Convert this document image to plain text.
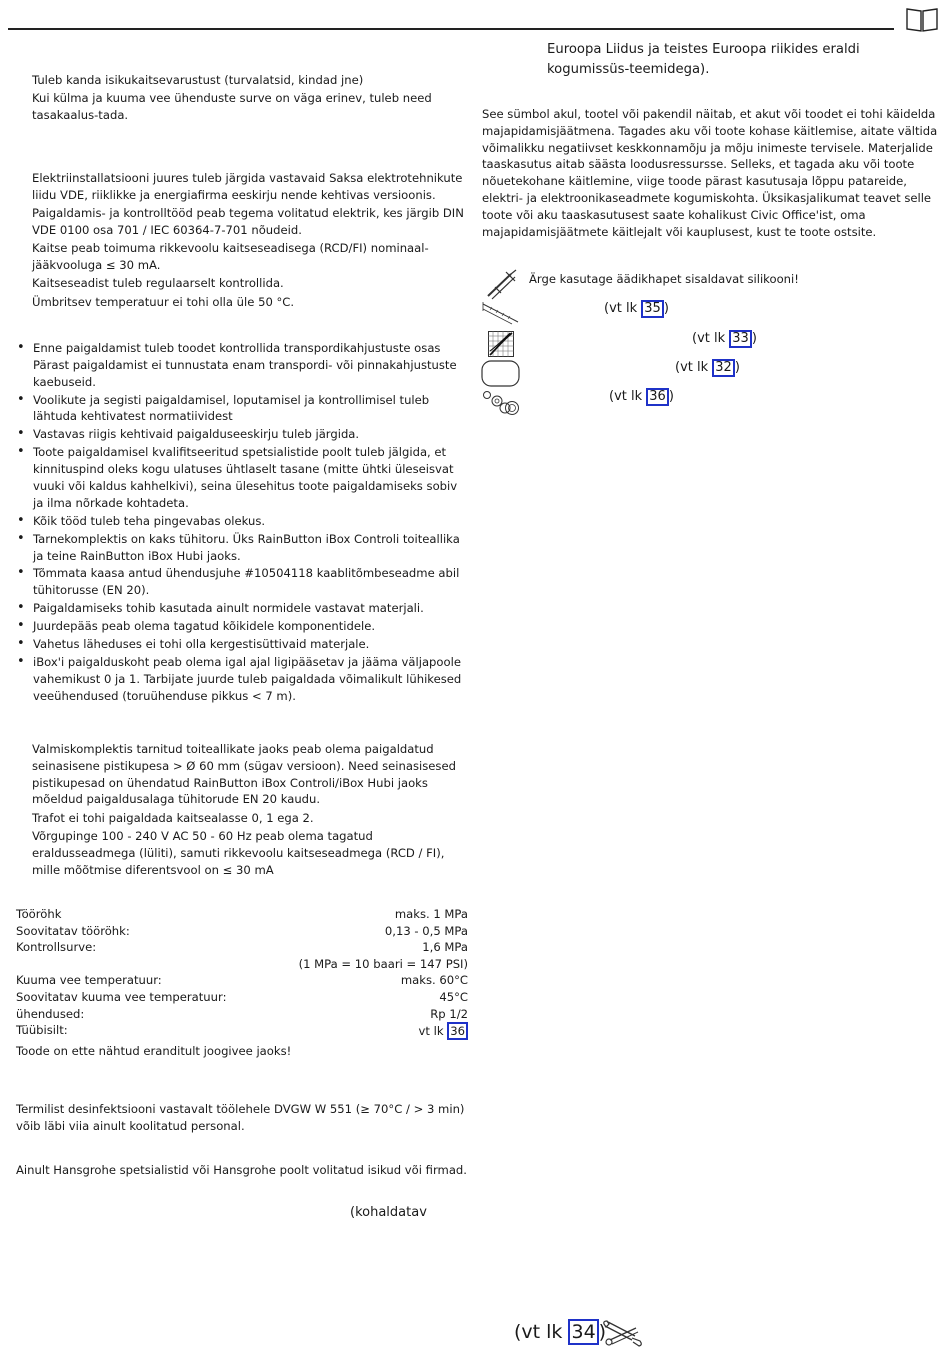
Tuleb kanda isikukaitsevarustust (turvalatsid, kindad jne)

Kui külma ja kuuma vee ühenduste surve on väga erinev, tuleb need tasakaalus-tada.

Elektriinstallatsiooni juures tuleb järgida vastavaid Saksa elektrotehnikute liidu VDE, riiklikke ja energiafirma eeskirju nende kehtivas versioonis.

Paigaldamis- ja kontrolltööd peab tegema volitatud elektrik, kes järgib DIN VDE 0100 osa 701 / IEC 60364-7-701 nõudeid.

Kaitse peab toimuma rikkevoolu kaitseseadisega (RCD/FI) nominaal-jääkvooluga ≤ 30 mA.

Kaitseseadist tuleb regulaarselt kontrollida.

Ümbritsev temperatuur ei tohi olla üle 50 °C.

• Enne paigaldamist tuleb toodet kontrollida transpordikahjustuste osas Pärast paigaldamist ei tunnustata enam transpordi- või pinnakahjustuste kaebuseid.
• Voolikute ja segisti paigaldamisel, loputamisel ja kontrollimisel tuleb lähtuda kehtivatest normatiividest
• Vastavas riigis kehtivaid paigalduseeskirju tuleb järgida.
• Toote paigaldamisel kvalifitseeritud spetsialistide poolt tuleb jälgida, et kinnituspind oleks kogu ulatuses ühtlaselt tasane (mitte ühtki üleseisvat vuuki või kaldus kahhelkivi), seina ülesehitus toote paigaldamiseks sobiv ja ilma nõrkade kohtadeta.
• Kõik tööd tuleb teha pingevabas olekus.
• Tarnekomplektis on kaks tühitoru. Üks RainButton iBox Controli toiteallika ja teine RainButton iBox Hubi jaoks.
• Tõmmata kaasa antud ühendusjuhe #10504118 kaablitõmbeseadme abil tühitorusse (EN 20).
• Paigaldamiseks tohib kasutada ainult normidele vastavat materjali.
• Juurdepääs peab olema tagatud kõikidele komponentidele.
• Vahetus läheduses ei tohi olla kergestisüttivaid materjale.
• iBox'i paigalduskoht peab olema igal ajal ligipääsetav ja jääma väljapoole vahemikust 0 ja 1. Tarbijate juurde tuleb paigaldada võimalikult lühikesed veeühendused (toruühenduse pikkus < 7 m).

Valmiskomplektis tarnitud toiteallikate jaoks peab olema paigaldatud seinasisene pistikupesa > Ø 60 mm (sügav versioon). Need seinasisesed pistikupesad on ühendatud RainButton iBox Controli/iBox Hubi jaoks mõeldud paigaldusalaga tühitorude EN 20 kaudu.

Trafot ei tohi paigaldada kaitsealasse 0, 1 ega 2.

Võrgupinge 100 - 240 V AC 50 - 60 Hz peab olema tagatud eraldusseadmega (lüliti), samuti rikkevoolu kaitseseadmega (RCD / FI), mille mõõtmise diferentsvool on ≤ 30 mA

Tööröhk	maks. 1 MPa
Soovitatav tööröhk:	0,13 - 0,5 MPa
Kontrollsurve:	1,6 MPa
(1 MPa = 10 baari = 147 PSI)
Kuuma vee temperatuur:	maks. 60°C
Soovitatav kuuma vee temperatuur:	45°C
ühendused:	Rp 1/2
Tüübisilt:	vt lk 36

Toode on ette nähtud eranditult joogivee jaoks!

Termilist desinfektsiooni vastavalt töölehele DVGW W 551 (≥ 70°C / > 3 min) võib läbi viia ainult koolitatud personal.
Ainult Hansgrohe spetsialistid või Hansgrohe poolt volitatud isikud või firmad.
(kohaldatav
Euroopa Liidus ja teistes Euroopa riikides eraldi kogumissüs-teemidega).
See sümbol akul, tootel või pakendil näitab, et akut või toodet ei tohi käidelda majapidamisjäätmena. Tagades aku või toote kohase käitlemise, aitate vältida võimalikku negatiivset keskkonnamõju ja mõju inimeste tervisele. Materjalide taaskasutus aitab säästa loodusressursse. Selleks, et tagada aku või toote nõuetekohane käitlemine, viige toode pärast kasutusaja lõppu patareide, elektri- ja elektroonikaseadmete kogumiskohta. Üksikasjalikumat teavet selle toote või aku taaskasutusest saate kohalikust Civic Office'ist, oma majapidamisjäätmete käitlejalt või kauplusest, kust te toote ostsite.
Ärge kasutage äädikhapet sisaldavat silikooni!
(vt lk 35 )
(vt lk 33 )
(vt lk 32 )
(vt lk 36 )
(vt lk 34 )
